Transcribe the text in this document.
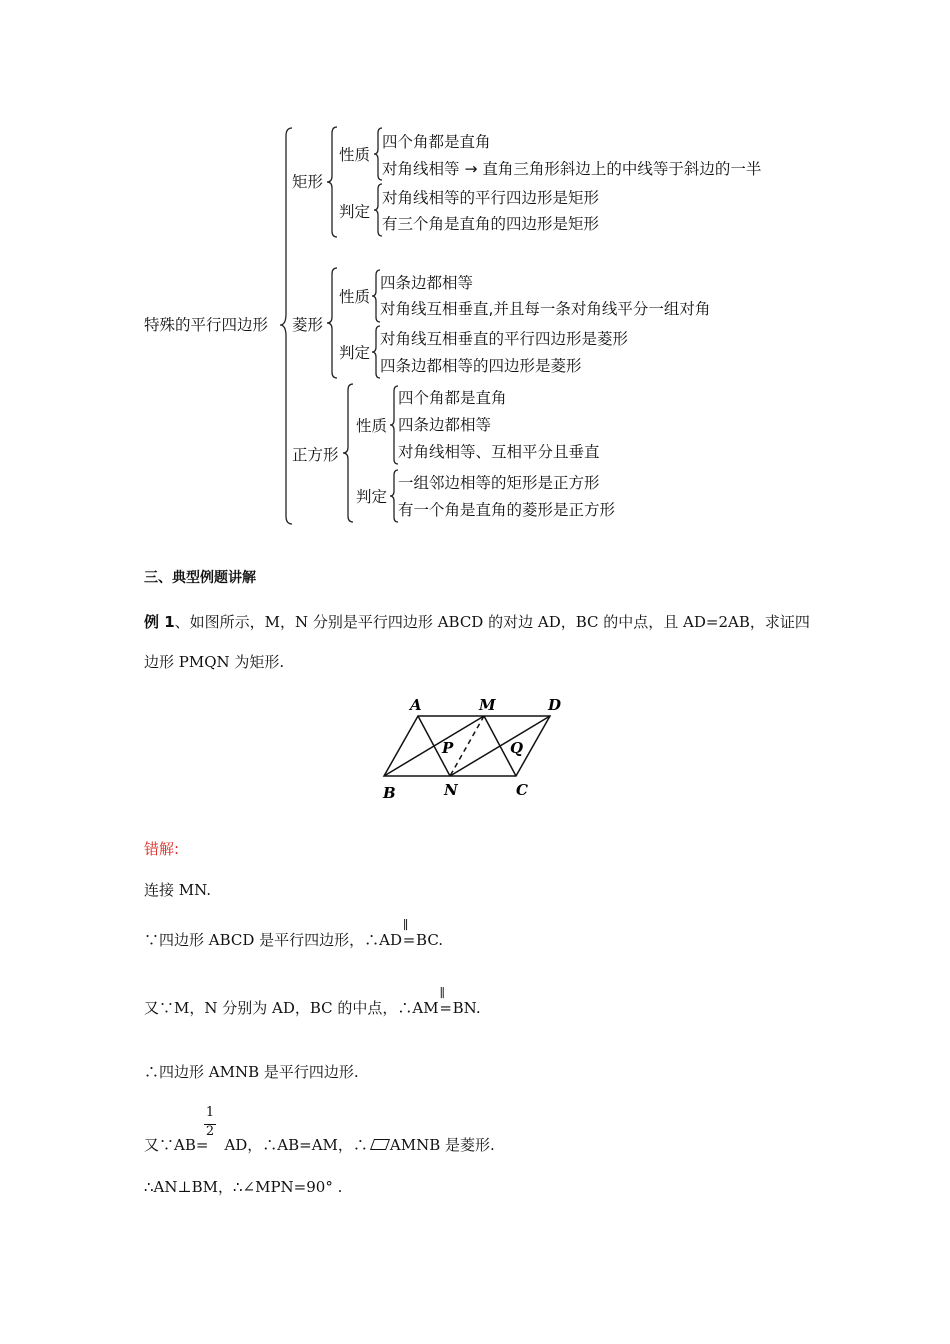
特殊的平行四边形
矩形
性质
四个角都是直角
对角线相等 → 直角三角形斜边上的中线等于斜边的一半
判定
对角线相等的平行四边形是矩形
有三个角是直角的四边形是矩形
菱形
性质
四条边都相等
对角线互相垂直,并且每一条对角线平分一组对角
判定
对角线互相垂直的平行四边形是菱形
四条边都相等的四边形是菱形
正方形
性质
四个角都是直角
四条边都相等
对角线相等、互相平分且垂直
判定
一组邻边相等的矩形是正方形
有一个角是直角的菱形是正方形
三、典型例题讲解
例 1、如图所示，M，N 分别是平行四边形 ABCD 的对边 AD，BC 的中点，且 AD=2AB，求证四
边形 PMQN 为矩形.
A	M	D
P	Q
B	N	C
错解:
连接 MN.
∵四边形 ABCD 是平行四边形，∴AD
∥
=BC.
又∵M，N 分别为 AD，BC 的中点，∴AM
∥
=BN.
∴四边形 AMNB 是平行四边形.
1
2
又∵AB= AD，∴AB=AM，∴ AMNB 是菱形.
∴AN⊥BM，∴∠MPN=90° .
